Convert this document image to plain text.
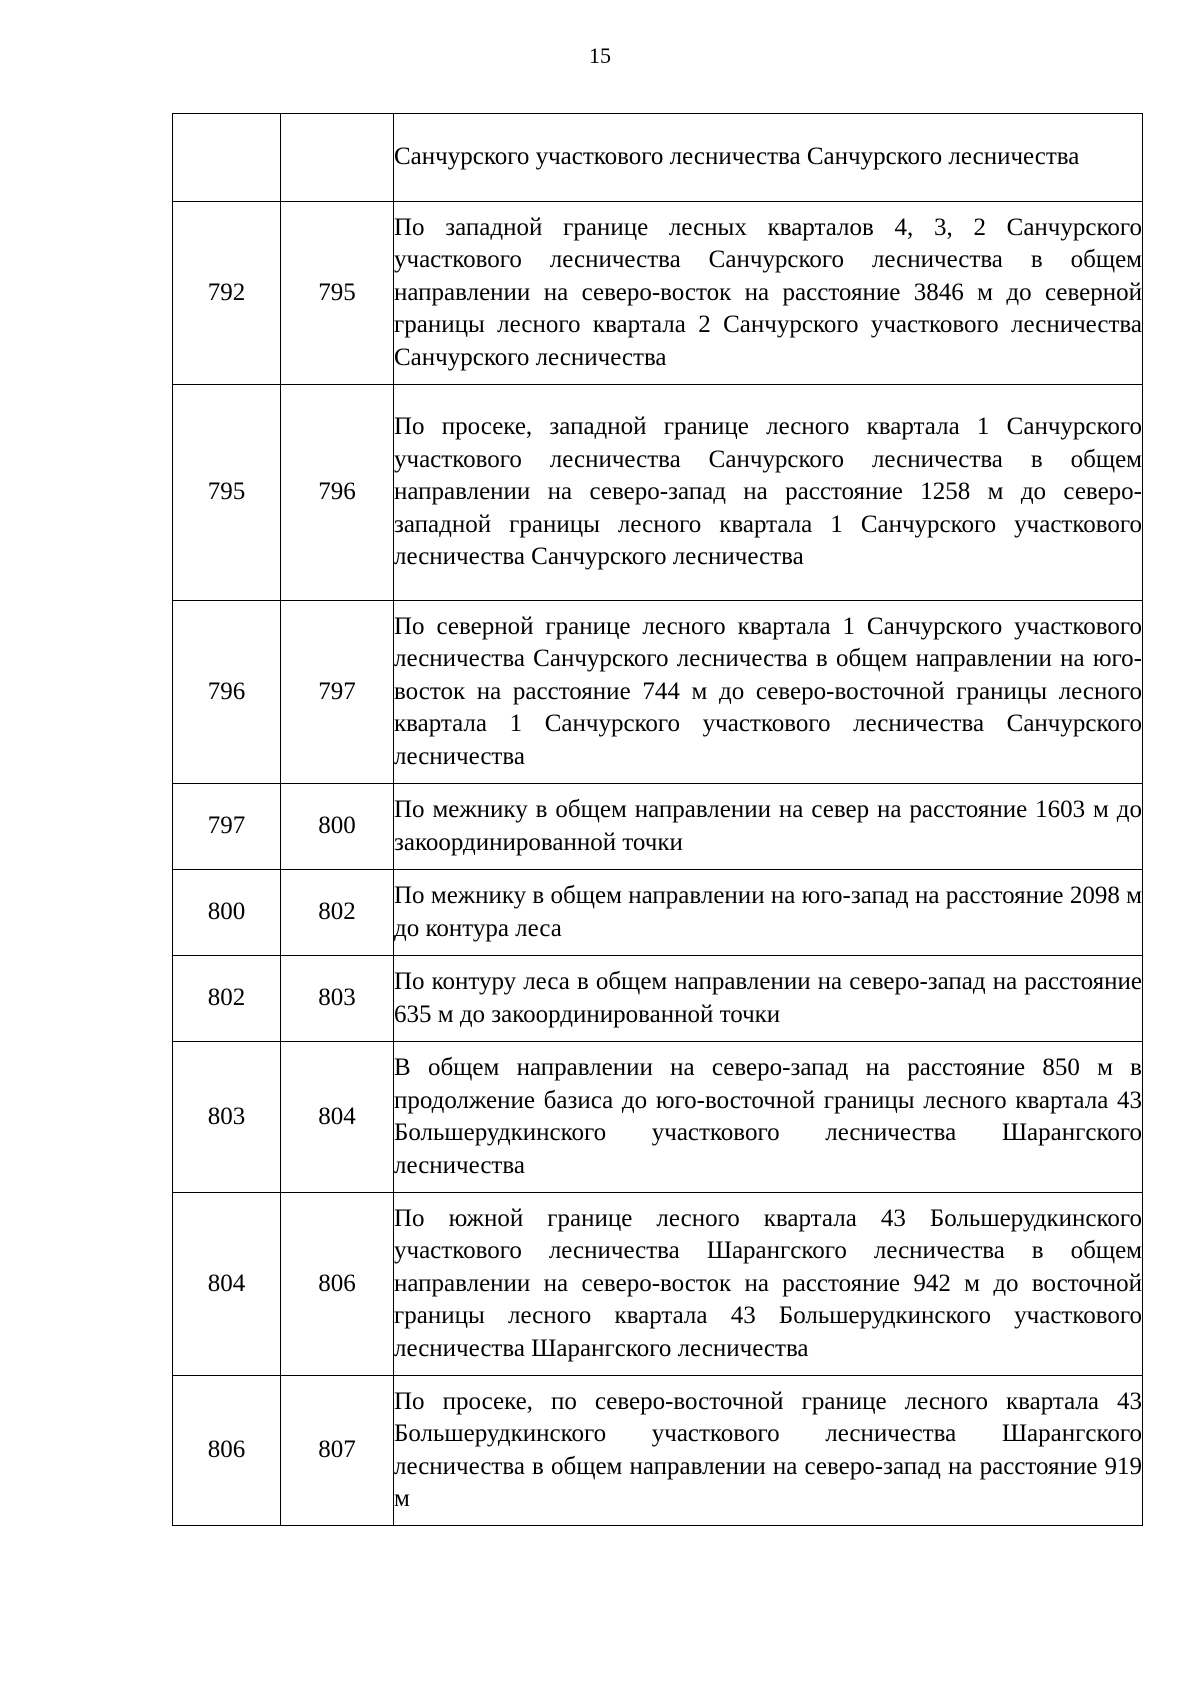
15
		Санчурского участкового лесничества Санчурского лесничества
792	795	По западной границе лесных кварталов 4, 3, 2 Санчурского участкового лесничества Санчурского лесничества в общем направлении на северо-восток на расстояние 3846 м до северной границы лесного квартала 2 Санчурского участкового лесничества Санчурского лесничества
795	796	По просеке, западной границе лесного квартала 1 Санчурского участкового лесничества Санчурского лесничества в общем направлении на северо-запад на расстояние 1258 м до северо-западной границы лесного квартала 1 Санчурского участкового лесничества Санчурского лесничества
796	797	По северной границе лесного квартала 1 Санчурского участкового лесничества Санчурского лесничества в общем направлении на юго-восток на расстояние 744 м до северо-восточной границы лесного квартала 1 Санчурского участкового лесничества Санчурского лесничества
797	800	По межнику в общем направлении на север на расстояние 1603 м до закоординированной точки
800	802	По межнику в общем направлении на юго-запад на расстояние 2098 м до контура леса
802	803	По контуру леса в общем направлении на северо-запад на расстояние 635 м до закоординированной точки
803	804	В общем направлении на северо-запад на расстояние 850 м в продолжение базиса до юго-восточной границы лесного квартала 43 Большерудкинского участкового лесничества Шарангского лесничества
804	806	По южной границе лесного квартала 43 Большерудкинского участкового лесничества Шарангского лесничества в общем направлении на северо-восток на расстояние 942 м до восточной границы лесного квартала 43 Большерудкинского участкового лесничества Шарангского лесничества
806	807	По просеке, по северо-восточной границе лесного квартала 43 Большерудкинского участкового лесничества Шарангского лесничества в общем направлении на северо-запад на расстояние 919 м
